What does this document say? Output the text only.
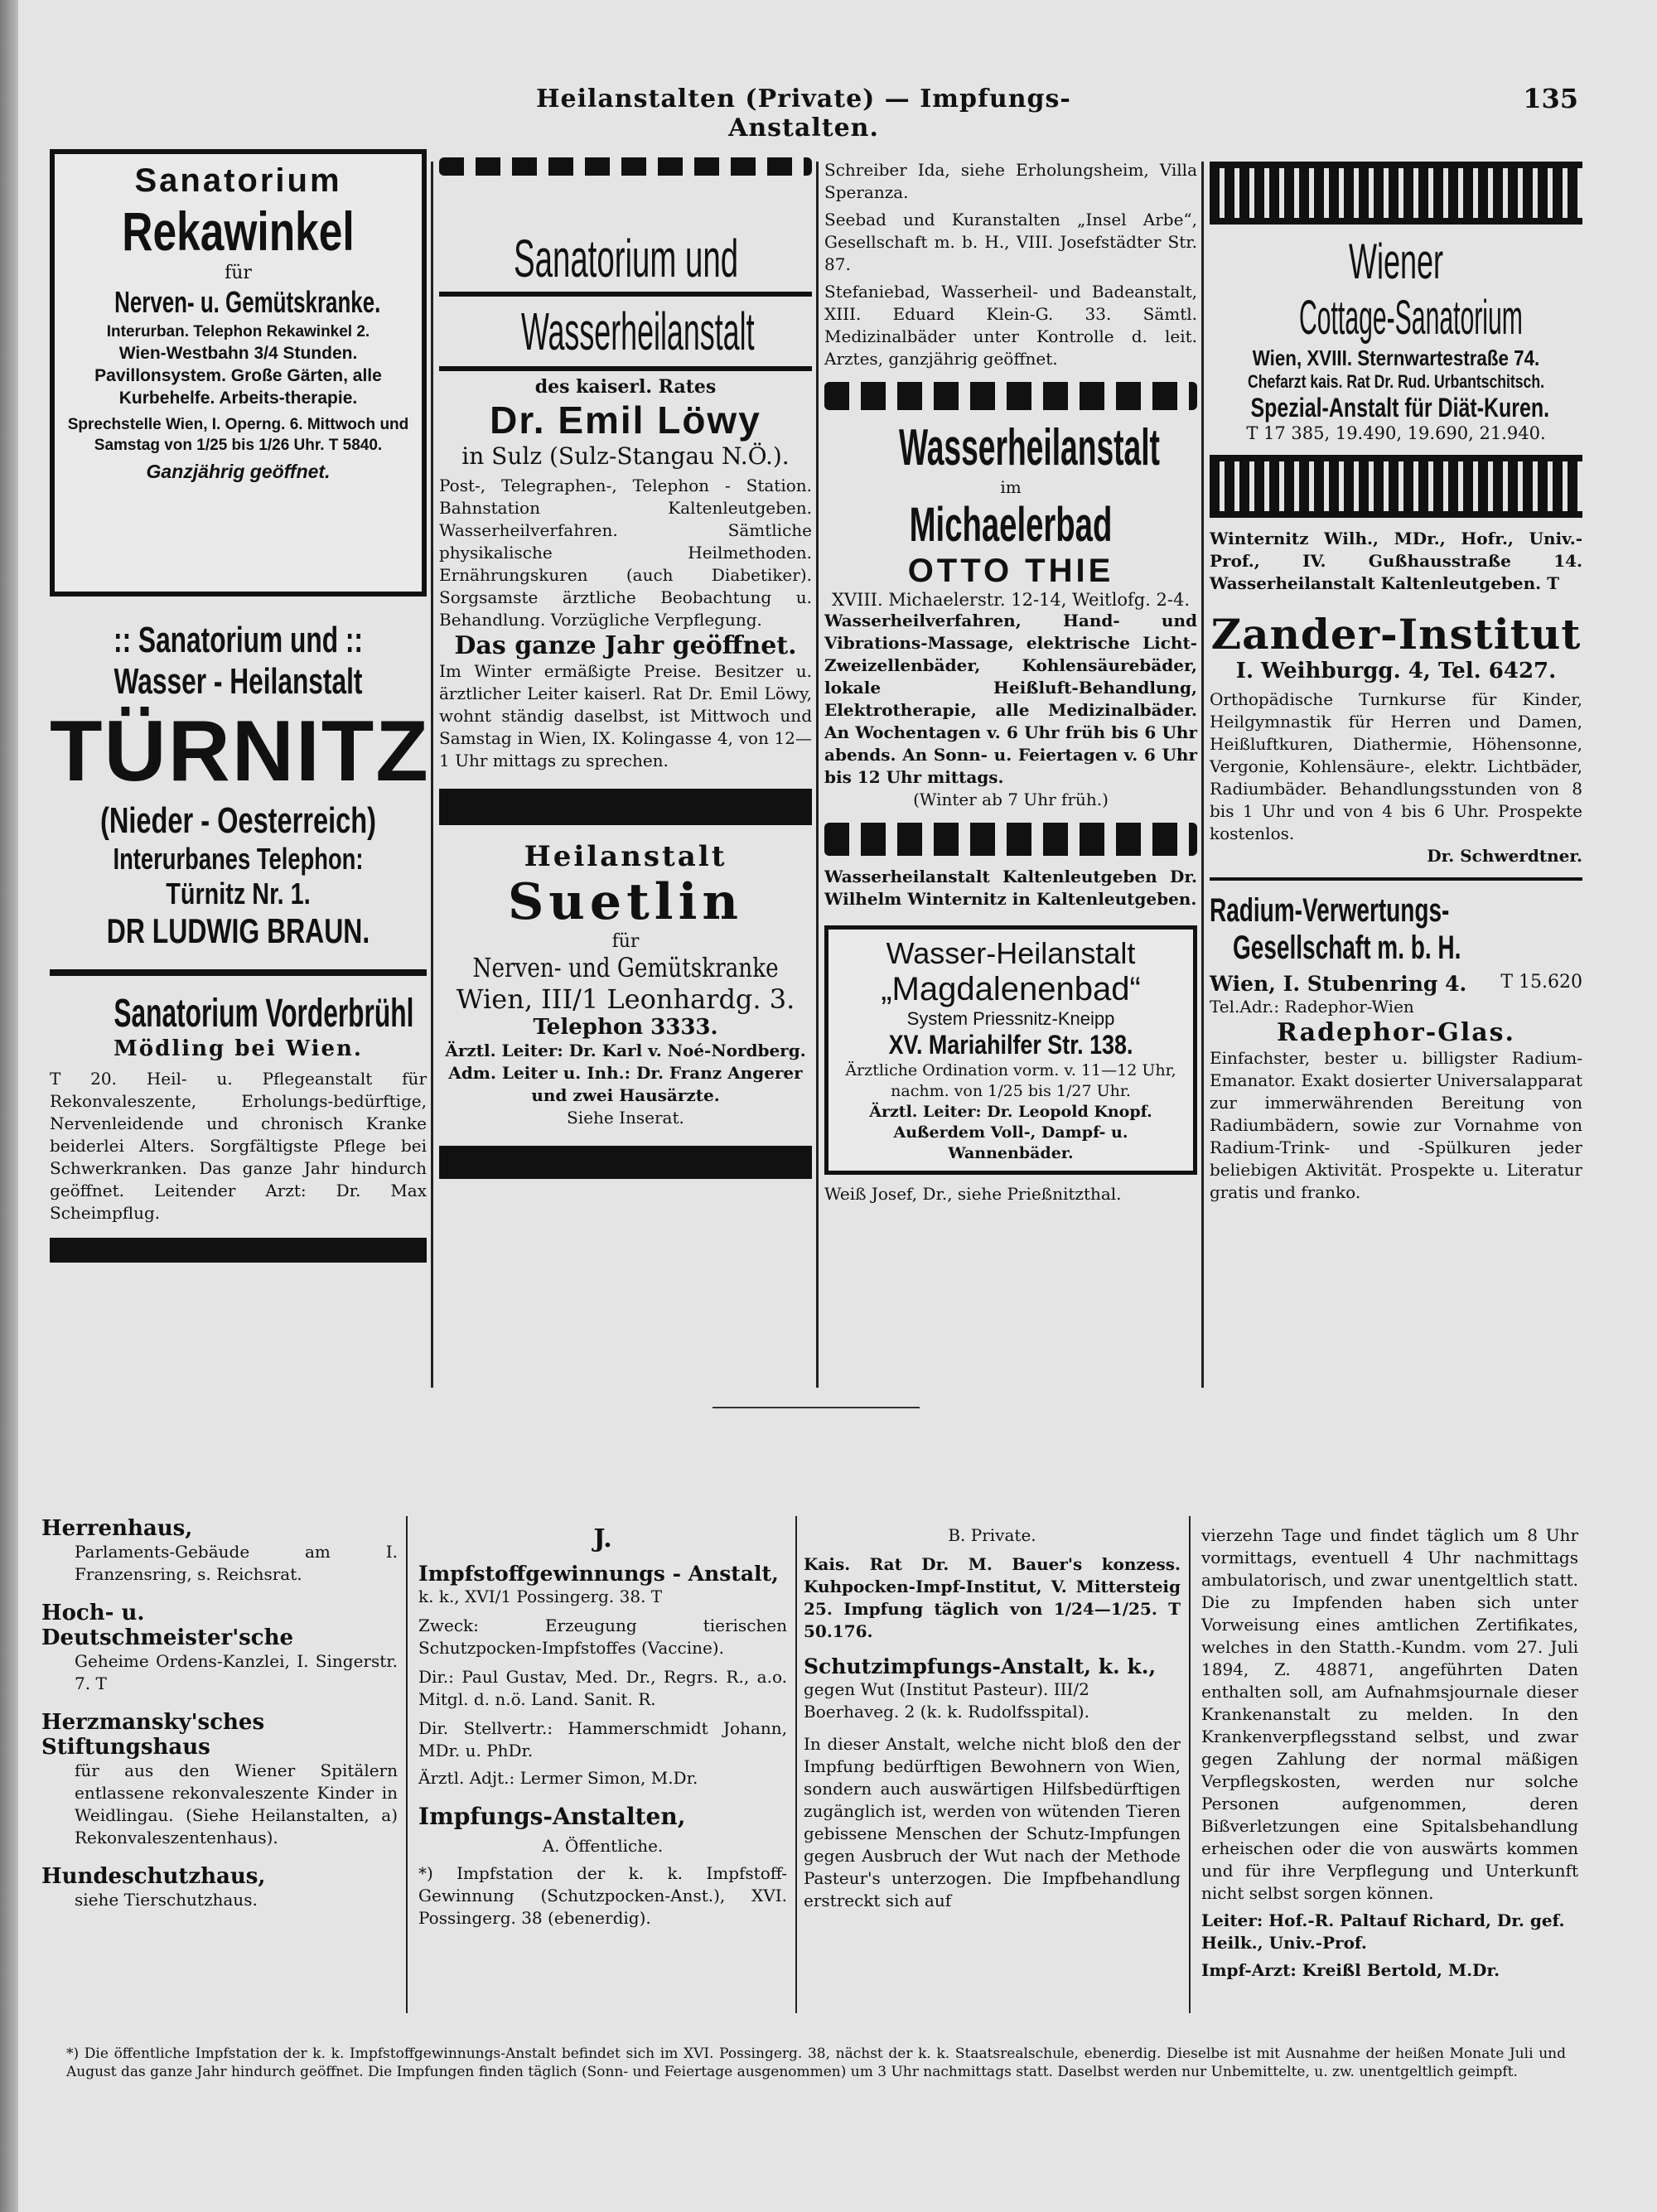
Heilanstalten (Private) — Impfungs-Anstalten.
135
Sanatorium
Rekawinkel
für
Nerven- u. Gemütskranke.
Interurban. Telephon Rekawinkel 2.
Wien-Westbahn 3/4 Stunden. Pavillonsystem. Große Gärten, alle Kurbehelfe. Arbeits-therapie.
Sprechstelle Wien, I. Operng. 6. Mittwoch und Samstag von 1/25 bis 1/26 Uhr. T 5840.
Ganzjährig geöffnet.
:: Sanatorium und ::
Wasser - Heilanstalt
TÜRNITZ
(Nieder - Oesterreich)
Interurbanes Telephon:
Türnitz Nr. 1.
DR LUDWIG BRAUN.
Sanatorium Vorderbrühl
Mödling bei Wien.
T 20. Heil- u. Pflegeanstalt für Rekonvaleszente, Erholungs-bedürftige, Nervenleidende und chronisch Kranke beiderlei Alters. Sorgfältigste Pflege bei Schwerkranken. Das ganze Jahr hindurch geöffnet. Leitender Arzt: Dr. Max Scheimpflug.
Sanatorium und
Wasserheilanstalt
des kaiserl. Rates
Dr. Emil Löwy
in Sulz (Sulz-Stangau N.Ö.).
Post-, Telegraphen-, Telephon - Station. Bahnstation Kaltenleutgeben. Wasserheilverfahren. Sämtliche physikalische Heilmethoden. Ernährungskuren (auch Diabetiker). Sorgsamste ärztliche Beobachtung u. Behandlung. Vorzügliche Verpflegung.
Das ganze Jahr geöffnet.
Im Winter ermäßigte Preise. Besitzer u. ärztlicher Leiter kaiserl. Rat Dr. Emil Löwy, wohnt ständig daselbst, ist Mittwoch und Samstag in Wien, IX. Kolingasse 4, von 12—1 Uhr mittags zu sprechen.
Heilanstalt
Suetlin
für
Nerven- und Gemütskranke
Wien, III/1 Leonhardg. 3.
Telephon 3333.
Ärztl. Leiter: Dr. Karl v. Noé-Nordberg.
Adm. Leiter u. Inh.: Dr. Franz Angerer und zwei Hausärzte.
Siehe Inserat.

Schreiber Ida, siehe Erholungsheim, Villa Speranza.

Seebad und Kuranstalten „Insel Arbe“, Gesellschaft m. b. H., VIII. Josefstädter Str. 87.

Stefaniebad, Wasserheil- und Badeanstalt, XIII. Eduard Klein-G. 33. Sämtl. Medizinalbäder unter Kontrolle d. leit. Arztes, ganzjährig geöffnet.

Wasserheilanstalt
im
Michaelerbad
OTTO THIE
XVIII. Michaelerstr. 12-14, Weitlofg. 2-4.
Wasserheilverfahren, Hand- und Vibrations-Massage, elektrische Licht-Zweizellenbäder, Kohlensäurebäder, lokale Heißluft-Behandlung, Elektrotherapie, alle Medizinalbäder. An Wochentagen v. 6 Uhr früh bis 6 Uhr abends. An Sonn- u. Feiertagen v. 6 Uhr bis 12 Uhr mittags.
(Winter ab 7 Uhr früh.)

Wasserheilanstalt Kaltenleutgeben Dr. Wilhelm Winternitz in Kaltenleutgeben.

Wasser-Heilanstalt
„Magdalenenbad“
System Priessnitz-Kneipp
XV. Mariahilfer Str. 138.
Ärztliche Ordination vorm. v. 11—12 Uhr, nachm. von 1/25 bis 1/27 Uhr.
Ärztl. Leiter: Dr. Leopold Knopf.
Außerdem Voll-, Dampf- u. Wannenbäder.

Weiß Josef, Dr., siehe Prießnitzthal.

Wiener
Cottage-Sanatorium
Wien, XVIII. Sternwartestraße 74.
Chefarzt kais. Rat Dr. Rud. Urbantschitsch.
Spezial-Anstalt für Diät-Kuren.
T 17 385, 19.490, 19.690, 21.940.

Winternitz Wilh., MDr., Hofr., Univ.-Prof., IV. Gußhausstraße 14. Wasserheilanstalt Kaltenleutgeben. T

Zander-Institut
I. Weihburgg. 4, Tel. 6427.

Orthopädische Turnkurse für Kinder, Heilgymnastik für Herren und Damen, Heißluftkuren, Diathermie, Höhensonne, Vergonie, Kohlensäure-, elektr. Lichtbäder, Radiumbäder. Behandlungsstunden von 8 bis 1 Uhr und von 4 bis 6 Uhr. Prospekte kostenlos.

Dr. Schwerdtner.

Radium-Verwertungs-
Gesellschaft m. b. H.
Wien, I. Stubenring 4. T 15.620
Tel.Adr.: Radephor-Wien
Radephor-Glas.

Einfachster, bester u. billigster Radium-Emanator. Exakt dosierter Universalapparat zur immerwährenden Bereitung von Radiumbädern, sowie zur Vornahme von Radium-Trink- und -Spülkuren jeder beliebigen Aktivität. Prospekte u. Literatur gratis und franko.

Herrenhaus,
Parlaments-Gebäude am I. Franzensring, s. Reichsrat.
Hoch- u. Deutschmeister'sche
Geheime Ordens-Kanzlei, I. Singerstr. 7. T
Herzmansky'sches Stiftungshaus
für aus den Wiener Spitälern entlassene rekonvaleszente Kinder in Weidlingau. (Siehe Heilanstalten, a) Rekonvaleszentenhaus).
Hundeschutzhaus,
siehe Tierschutzhaus.
J.
Impfstoffgewinnungs - Anstalt,
k. k., XVI/1 Possingerg. 38. T
Zweck: Erzeugung tierischen Schutzpocken-Impfstoffes (Vaccine).
Dir.: Paul Gustav, Med. Dr., Regrs. R., a.o. Mitgl. d. n.ö. Land. Sanit. R.
Dir. Stellvertr.: Hammerschmidt Johann, MDr. u. PhDr.
Ärztl. Adjt.: Lermer Simon, M.Dr.
Impfungs-Anstalten,
A. Öffentliche.
*) Impfstation der k. k. Impfstoff-Gewinnung (Schutzpocken-Anst.), XVI. Possingerg. 38 (ebenerdig).
B. Private.
Kais. Rat Dr. M. Bauer's konzess. Kuhpocken-Impf-Institut, V. Mittersteig 25. Impfung täglich von 1/24—1/25. T 50.176.
Schutzimpfungs-Anstalt, k. k.,
gegen Wut (Institut Pasteur). III/2 Boerhaveg. 2 (k. k. Rudolfsspital).
In dieser Anstalt, welche nicht bloß den der Impfung bedürftigen Bewohnern von Wien, sondern auch auswärtigen Hilfsbedürftigen zugänglich ist, werden von wütenden Tieren gebissene Menschen der Schutz-Impfungen gegen Ausbruch der Wut nach der Methode Pasteur's unterzogen. Die Impfbehandlung erstreckt sich auf
vierzehn Tage und findet täglich um 8 Uhr vormittags, eventuell 4 Uhr nachmittags ambulatorisch, und zwar unentgeltlich statt. Die zu Impfenden haben sich unter Vorweisung eines amtlichen Zertifikates, welches in den Statth.-Kundm. vom 27. Juli 1894, Z. 48871, angeführten Daten enthalten soll, am Aufnahmsjournale dieser Krankenanstalt zu melden. In den Krankenverpflegsstand selbst, und zwar gegen Zahlung der normal mäßigen Verpflegskosten, werden nur solche Personen aufgenommen, deren Bißverletzungen eine Spitalsbehandlung erheischen oder die von auswärts kommen und für ihre Verpflegung und Unterkunft nicht selbst sorgen können.
Leiter: Hof.-R. Paltauf Richard, Dr. gef. Heilk., Univ.-Prof.
Impf-Arzt: Kreißl Bertold, M.Dr.
*) Die öffentliche Impfstation der k. k. Impfstoffgewinnungs-Anstalt befindet sich im XVI. Possingerg. 38, nächst der k. k. Staatsrealschule, ebenerdig. Dieselbe ist mit Ausnahme der heißen Monate Juli und August das ganze Jahr hindurch geöffnet. Die Impfungen finden täglich (Sonn- und Feiertage ausgenommen) um 3 Uhr nachmittags statt. Daselbst werden nur Unbemittelte, u. zw. unentgeltlich geimpft.
